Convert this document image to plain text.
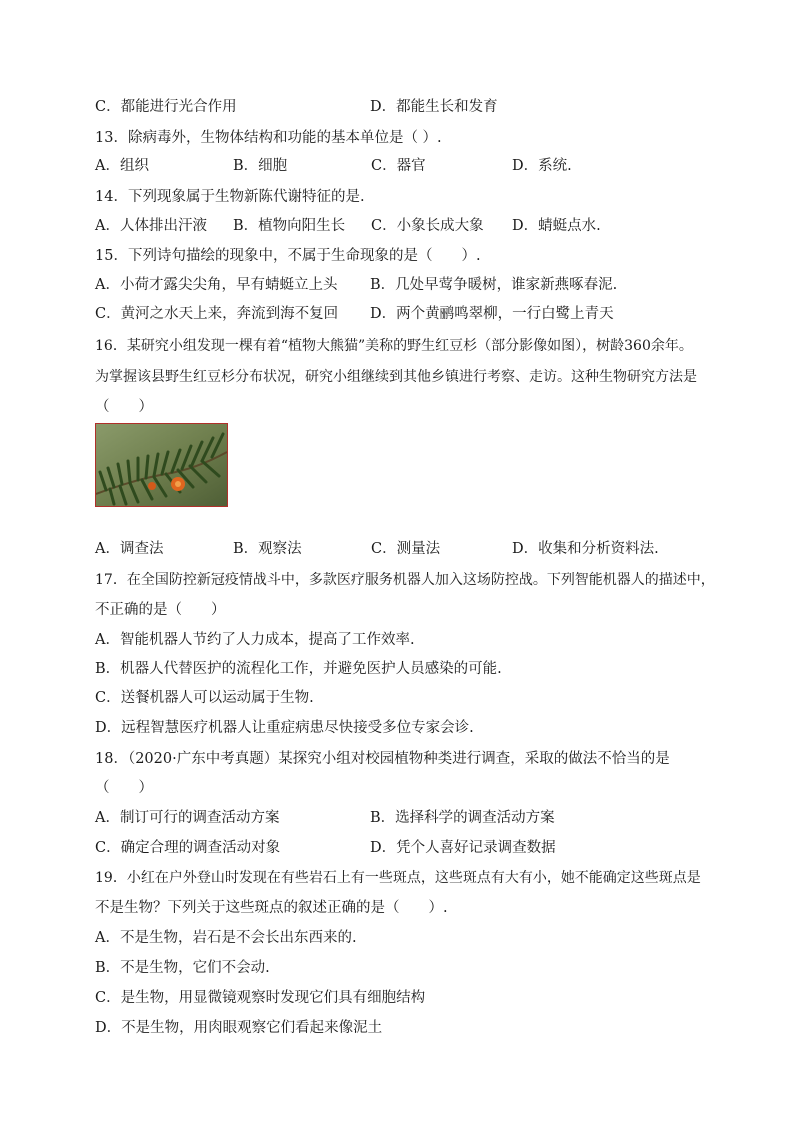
C．都能进行光合作用	D．都能生长和发育
13．除病毒外，生物体结构和功能的基本单位是（ ）.
A．组织	B．细胞	C．器官	D．系统.
14．下列现象属于生物新陈代谢特征的是.
A．人体排出汗液 B．植物向阳生长 C．小象长成大象 D．蜻蜓点水.
15．下列诗句描绘的现象中，不属于生命现象的是（　　）.
A．小荷才露尖尖角，早有蜻蜓立上头 B．几处早莺争暖树，谁家新燕啄春泥.
C．黄河之水天上来，奔流到海不复回 D．两个黄鹂鸣翠柳，一行白鹭上青天
16．某研究小组发现一棵有着“植物大熊猫”美称的野生红豆杉（部分影像如图），树龄360余年。
为掌握该县野生红豆杉分布状况，研究小组继续到其他乡镇进行考察、走访。这种生物研究方法是
（　　）
A．调查法	B．观察法	C．测量法	D．收集和分析资料法.
17．在全国防控新冠疫情战斗中，多款医疗服务机器人加入这场防控战。下列智能机器人的描述中，
不正确的是（　　）
A．智能机器人节约了人力成本，提高了工作效率.
B．机器人代替医护的流程化工作，并避免医护人员感染的可能.
C．送餐机器人可以运动属于生物.
D．远程智慧医疗机器人让重症病患尽快接受多位专家会诊.
18．（2020·广东中考真题）某探究小组对校园植物种类进行调查，采取的做法不恰当的是
（　　）
A．制订可行的调查活动方案	B．选择科学的调查活动方案
C．确定合理的调查活动对象	D．凭个人喜好记录调查数据
19．小红在户外登山时发现在有些岩石上有一些斑点，这些斑点有大有小，她不能确定这些斑点是
不是生物？下列关于这些斑点的叙述正确的是（　　）.
A．不是生物，岩石是不会长出东西来的.
B．不是生物，它们不会动.
C．是生物，用显微镜观察时发现它们具有细胞结构
D．不是生物，用肉眼观察它们看起来像泥土
